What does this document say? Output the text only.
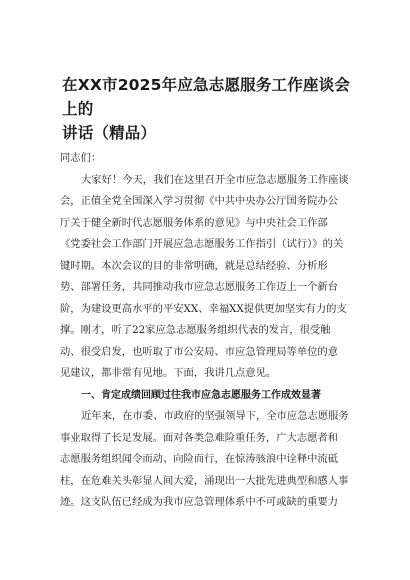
在XX市2025年应急志愿服务工作座谈会上的
讲话（精品）
同志们：
大家好！今天，我们在这里召开全市应急志愿服务工作座谈
会，正值全党全国深入学习贯彻《中共中央办公厅国务院办公
厅关于健全新时代志愿服务体系的意见》与中央社会工作部
《党委社会工作部门开展应急志愿服务工作指引（试行）》的关
键时期。本次会议的目的非常明确，就是总结经验、分析形
势、部署任务，共同推动我市应急志愿服务工作迈上一个新台
阶，为建设更高水平的平安XX、幸福XX提供更加坚实有力的支
撑。刚才，听了22家应急志愿服务组织代表的发言，很受触
动、很受启发，也听取了市公安局、市应急管理局等单位的意
见建议，都非常有见地。下面，我讲几点意见。
一、肯定成绩回顾过往我市应急志愿服务工作成效显著
近年来，在市委、市政府的坚强领导下，全市应急志愿服务
事业取得了长足发展。面对各类急难险重任务，广大志愿者和
志愿服务组织闻令而动、向险而行，在惊涛骇浪中诠释中流砥
柱，在危难关头彰显人间大爱，涌现出一大批先进典型和感人事
迹。这支队伍已经成为我市应急管理体系中不可或缺的重要力
